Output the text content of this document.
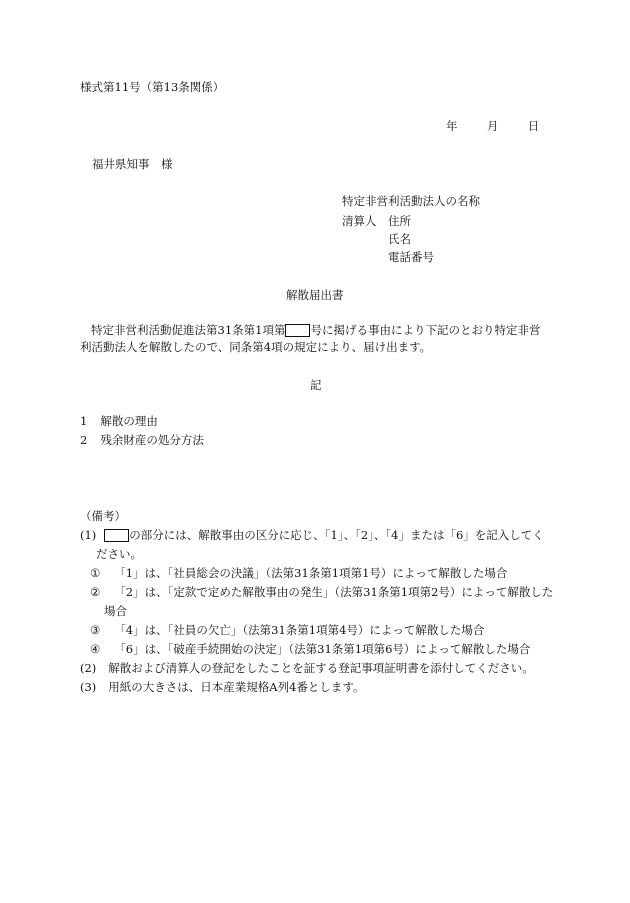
様式第11号（第13条関係）
年	月	日
福井県知事　様
特定非営利活動法人の名称
清算人 住所
氏名
電話番号
解散届出書
特定非営利活動促進法第31条第1項第 号に掲げる事由により下記のとおり特定非営
利活動法人を解散したので、同条第4項の規定により、届け出ます。
記
1 解散の理由
2 残余財産の処分方法
（備考）
(1)	の部分には、解散事由の区分に応じ、「1」、「2」、「4」または「6」を記入してく
ださい。
① 「1」は、「社員総会の決議」（法第31条第1項第1号）によって解散した場合
② 「2」は、「定款で定めた解散事由の発生」（法第31条第1項第2号）によって解散した
場合
③ 「4」は、「社員の欠亡」（法第31条第1項第4号）によって解散した場合
④ 「6」は、「破産手続開始の決定」（法第31条第1項第6号）によって解散した場合
(2) 解散および清算人の登記をしたことを証する登記事項証明書を添付してください。
(3) 用紙の大きさは、日本産業規格A列4番とします。
